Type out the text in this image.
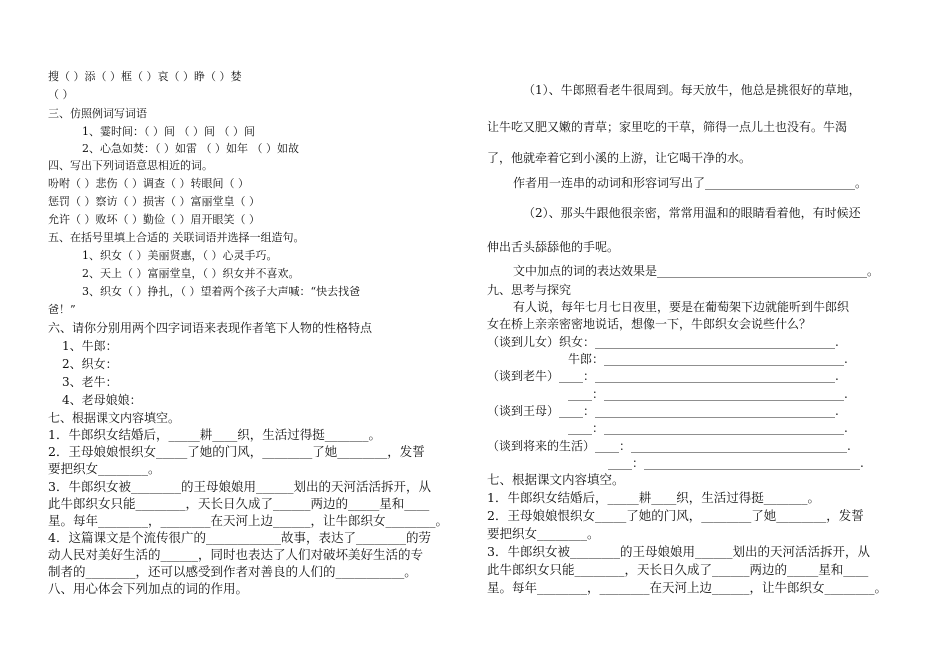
搜（ ）添（ ）框（ ）哀（ ）睁（ ）婪
（ ）
三、仿照例词写词语
1、霎时间：（ ）间 （ ）间 （ ）间
2、心急如焚：（ ）如雷 （ ）如年 （ ）如故
四、写出下列词语意思相近的词。
吩咐（ ）悲伤（ ）调查（ ）转眼间（ ）
惩罚（ ）察访（ ）损害（ ）富丽堂皇（ ）
允许（ ）败坏（ ）勤俭（ ）眉开眼笑（ ）
五、在括号里填上合适的 关联词语并选择一组造句。
1、织女（ ）美丽贤惠，（ ）心灵手巧。
2、天上（ ）富丽堂皇，（ ）织女并不喜欢。
3、织女（ ）挣扎，（ ）望着两个孩子大声喊：“快去找爸
爸！”
六、请你分别用两个四字词语来表现作者笔下人物的性格特点
1、牛郎：
2、织女：
3、老牛：
4、老母娘娘：
七、根据课文内容填空。
1．牛郎织女结婚后，_____耕____织，生活过得挺_______。
2．王母娘娘恨织女_____了她的门风，________了她________，发誓
要把织女________。
3．牛郎织女被________的王母娘娘用______划出的天河活活拆开，从
此牛郎织女只能________，天长日久成了______两边的_____星和____
星。每年________，________在天河上边______，让牛郎织女________。
4．这篇课文是个流传很广的____________故事，表达了________的劳
动人民对美好生活的______，同时也表达了人们对破坏美好生活的专
制者的________，还可以感受到作者对善良的人们的___________。
八、用心体会下列加点的词的作用。
（1）、牛郎照看老牛很周到。每天放牛，他总是挑很好的草地，
让牛吃又肥又嫩的青草；家里吃的干草，筛得一点儿土也没有。牛渴
了，他就牵着它到小溪的上游，让它喝干净的水。
作者用一连串的动词和形容词写出了_________________________。
（2）、那头牛跟他很亲密，常常用温和的眼睛看着他，有时候还
伸出舌头舔舔他的手呢。
文中加点的词的表达效果是___________________________________。
九、思考与探究
有人说，每年七月七日夜里，要是在葡萄架下边就能听到牛郎织
女在桥上亲亲密密地说话，想像一下，牛郎织女会说些什么？
（谈到儿女）织女：________________________________________.
牛郎：________________________________________.
（谈到老牛）____：________________________________________.
____：________________________________________.
（谈到王母）____：________________________________________.
____：________________________________________.
（谈到将来的生活）____：____________________________________.
____：____________________________________.
七、根据课文内容填空。
1．牛郎织女结婚后，_____耕____织，生活过得挺_______。
2．王母娘娘恨织女_____了她的门风，________了她________，发誓
要把织女________。
3．牛郎织女被________的王母娘娘用______划出的天河活活拆开，从
此牛郎织女只能________，天长日久成了______两边的_____星和____
星。每年________，________在天河上边______，让牛郎织女________。
